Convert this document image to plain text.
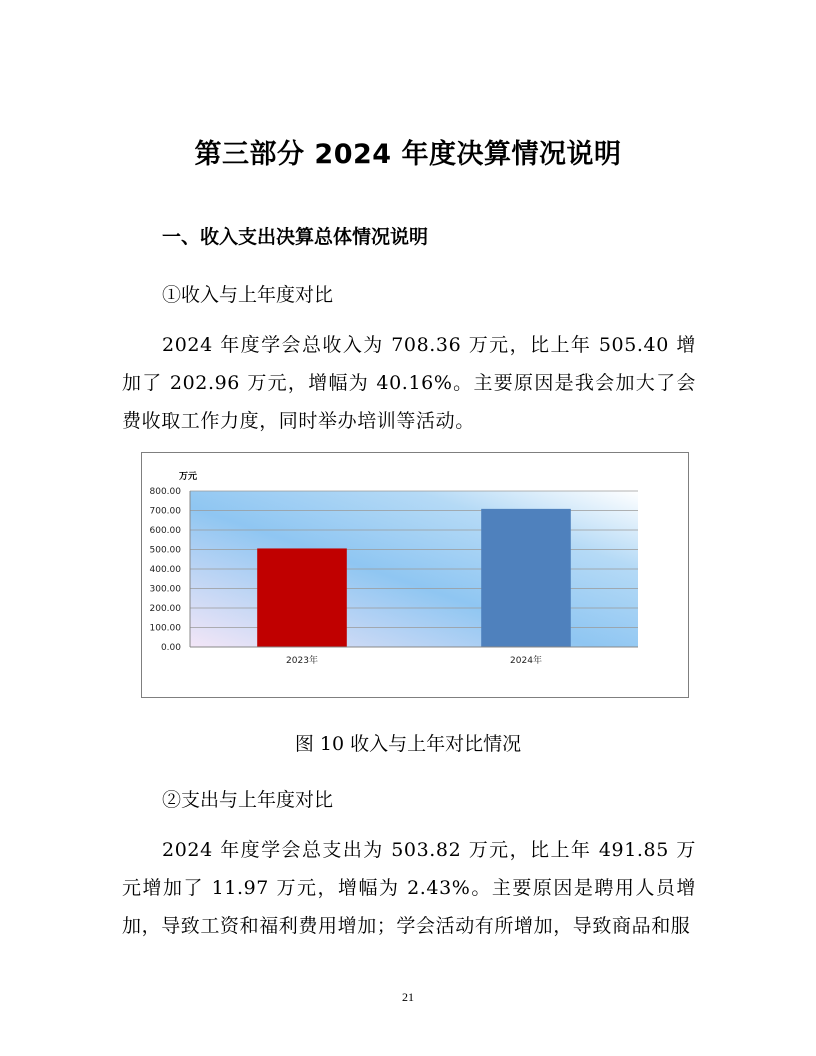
第三部分 2024 年度决算情况说明
一、收入支出决算总体情况说明

①收入与上年度对比

2024 年度学会总收入为 708.36 万元，比上年 505.40 增加了 202.96 万元，增幅为 40.16%。主要原因是我会加大了会费收取工作力度，同时举办培训等活动。

0.00
100.00
200.00
300.00
400.00
500.00
600.00
700.00
800.00
2023年	2024年
万元

图 10 收入与上年对比情况

②支出与上年度对比

2024 年度学会总支出为 503.82 万元，比上年 491.85 万元增加了 11.97 万元，增幅为 2.43%。主要原因是聘用人员增加，导致工资和福利费用增加；学会活动有所增加，导致商品和服

21
